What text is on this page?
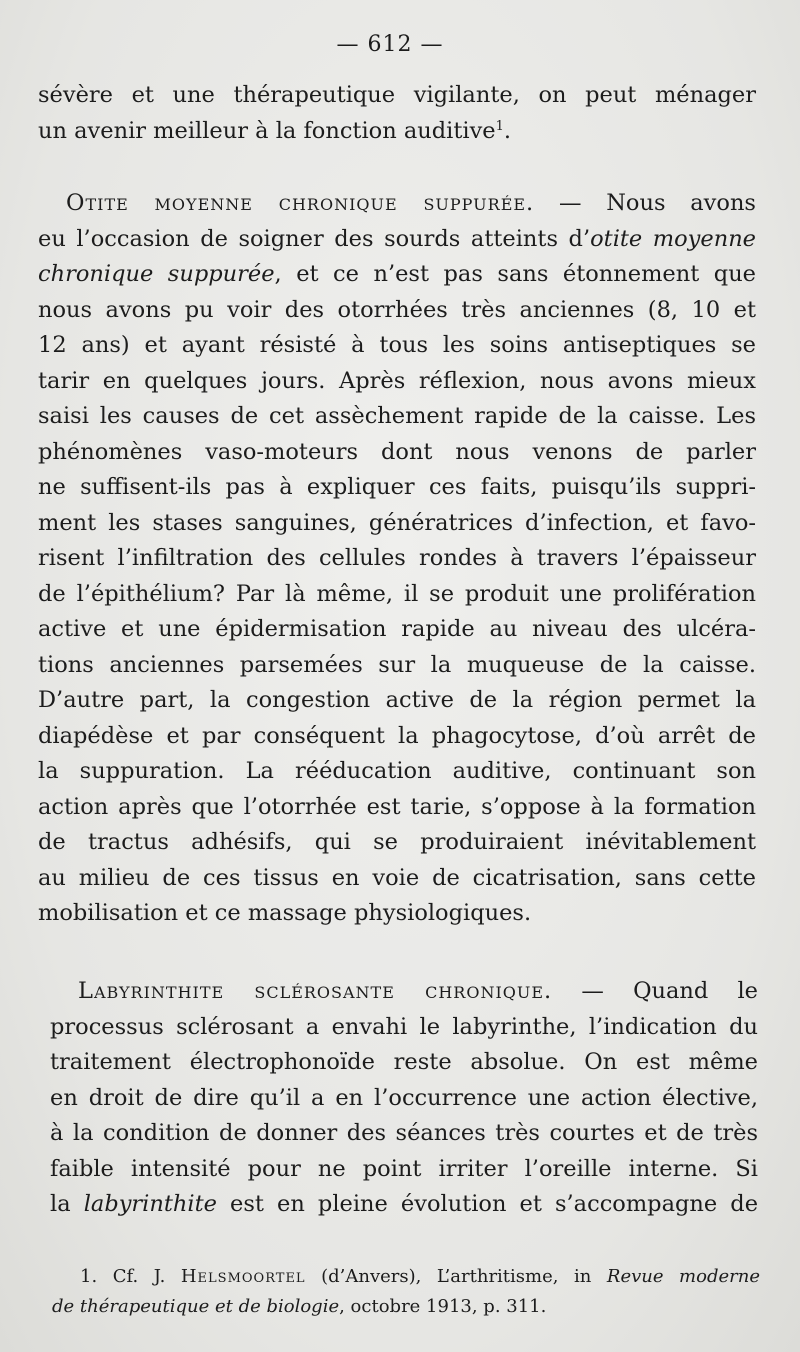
— 612 —
sévère et une thérapeutique vigilante, on peut ménager
un avenir meilleur à la fonction auditive$^1$.
Otite moyenne chronique suppurée. — Nous avons
eu l’occasion de soigner des sourds atteints d’otite moyenne
chronique suppurée, et ce n’est pas sans étonnement que
nous avons pu voir des otorrhées très anciennes (8, 10 et
12 ans) et ayant résisté à tous les soins antiseptiques se
tarir en quelques jours. Après réflexion, nous avons mieux
saisi les causes de cet assèchement rapide de la caisse. Les
phénomènes vaso-moteurs dont nous venons de parler
ne suffisent-ils pas à expliquer ces faits, puisqu’ils suppri-
ment les stases sanguines, génératrices d’infection, et favo-
risent l’infiltration des cellules rondes à travers l’épaisseur
de l’épithélium? Par là même, il se produit une prolifération
active et une épidermisation rapide au niveau des ulcéra-
tions anciennes parsemées sur la muqueuse de la caisse.
D’autre part, la congestion active de la région permet la
diapédèse et par conséquent la phagocytose, d’où arrêt de
la suppuration. La rééducation auditive, continuant son
action après que l’otorrhée est tarie, s’oppose à la formation
de tractus adhésifs, qui se produiraient inévitablement
au milieu de ces tissus en voie de cicatrisation, sans cette
mobilisation et ce massage physiologiques.
Labyrinthite sclérosante chronique. — Quand le
processus sclérosant a envahi le labyrinthe, l’indication du
traitement électrophonoïde reste absolue. On est même
en droit de dire qu’il a en l’occurrence une action élective,
à la condition de donner des séances très courtes et de très
faible intensité pour ne point irriter l’oreille interne. Si
la labyrinthite est en pleine évolution et s’accompagne de
1. Cf. J. Helsmoortel (d’Anvers), L’arthritisme, in Revue moderne
de thérapeutique et de biologie, octobre 1913, p. 311.
